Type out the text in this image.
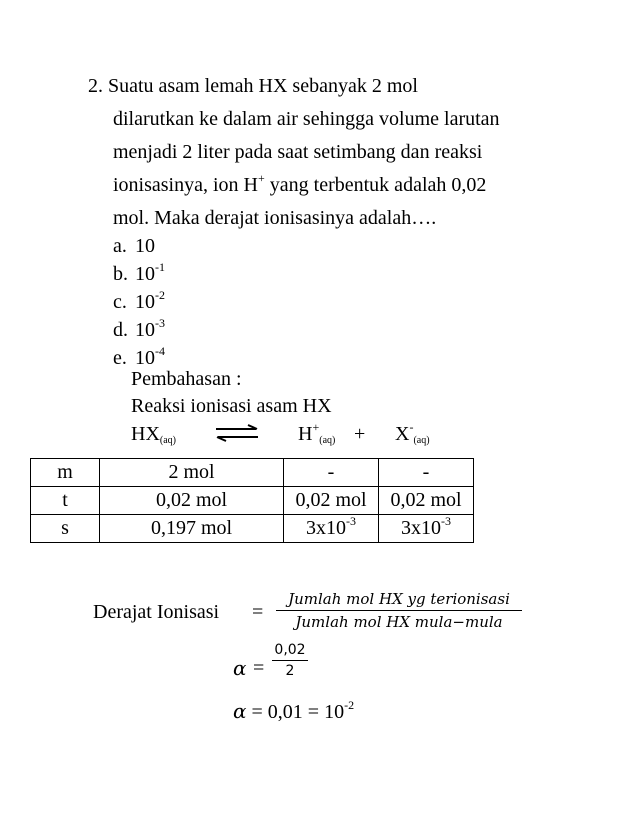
2. Suatu asam lemah HX sebanyak 2 mol
dilarutkan ke dalam air sehingga volume larutan
menjadi 2 liter pada saat setimbang dan reaksi
ionisasinya, ion H+ yang terbentuk adalah 0,02
mol. Maka derajat ionisasinya adalah….
a. 10
b. $10^{-1}$
c. $10^{-2}$
d. $10^{-3}$
e. $10^{-4}$
Pembahasan :
Reaksi ionisasi asam HX
$HX_{(aq)}$	$H^+_{(aq)} + X^-_{(aq)}$
m	2 mol	-	-
t	0,02 mol	0,02 mol	0,02 mol
s	0,197 mol	$3x10^{-3}$	$3x10^{-3}$
Derajat Ionisasi =
Jumlah mol HX yg terionisasi
Jumlah mol HX mula−mula
α =
0,02
2
$\alpha = 0,01 = 10^{-2}$
